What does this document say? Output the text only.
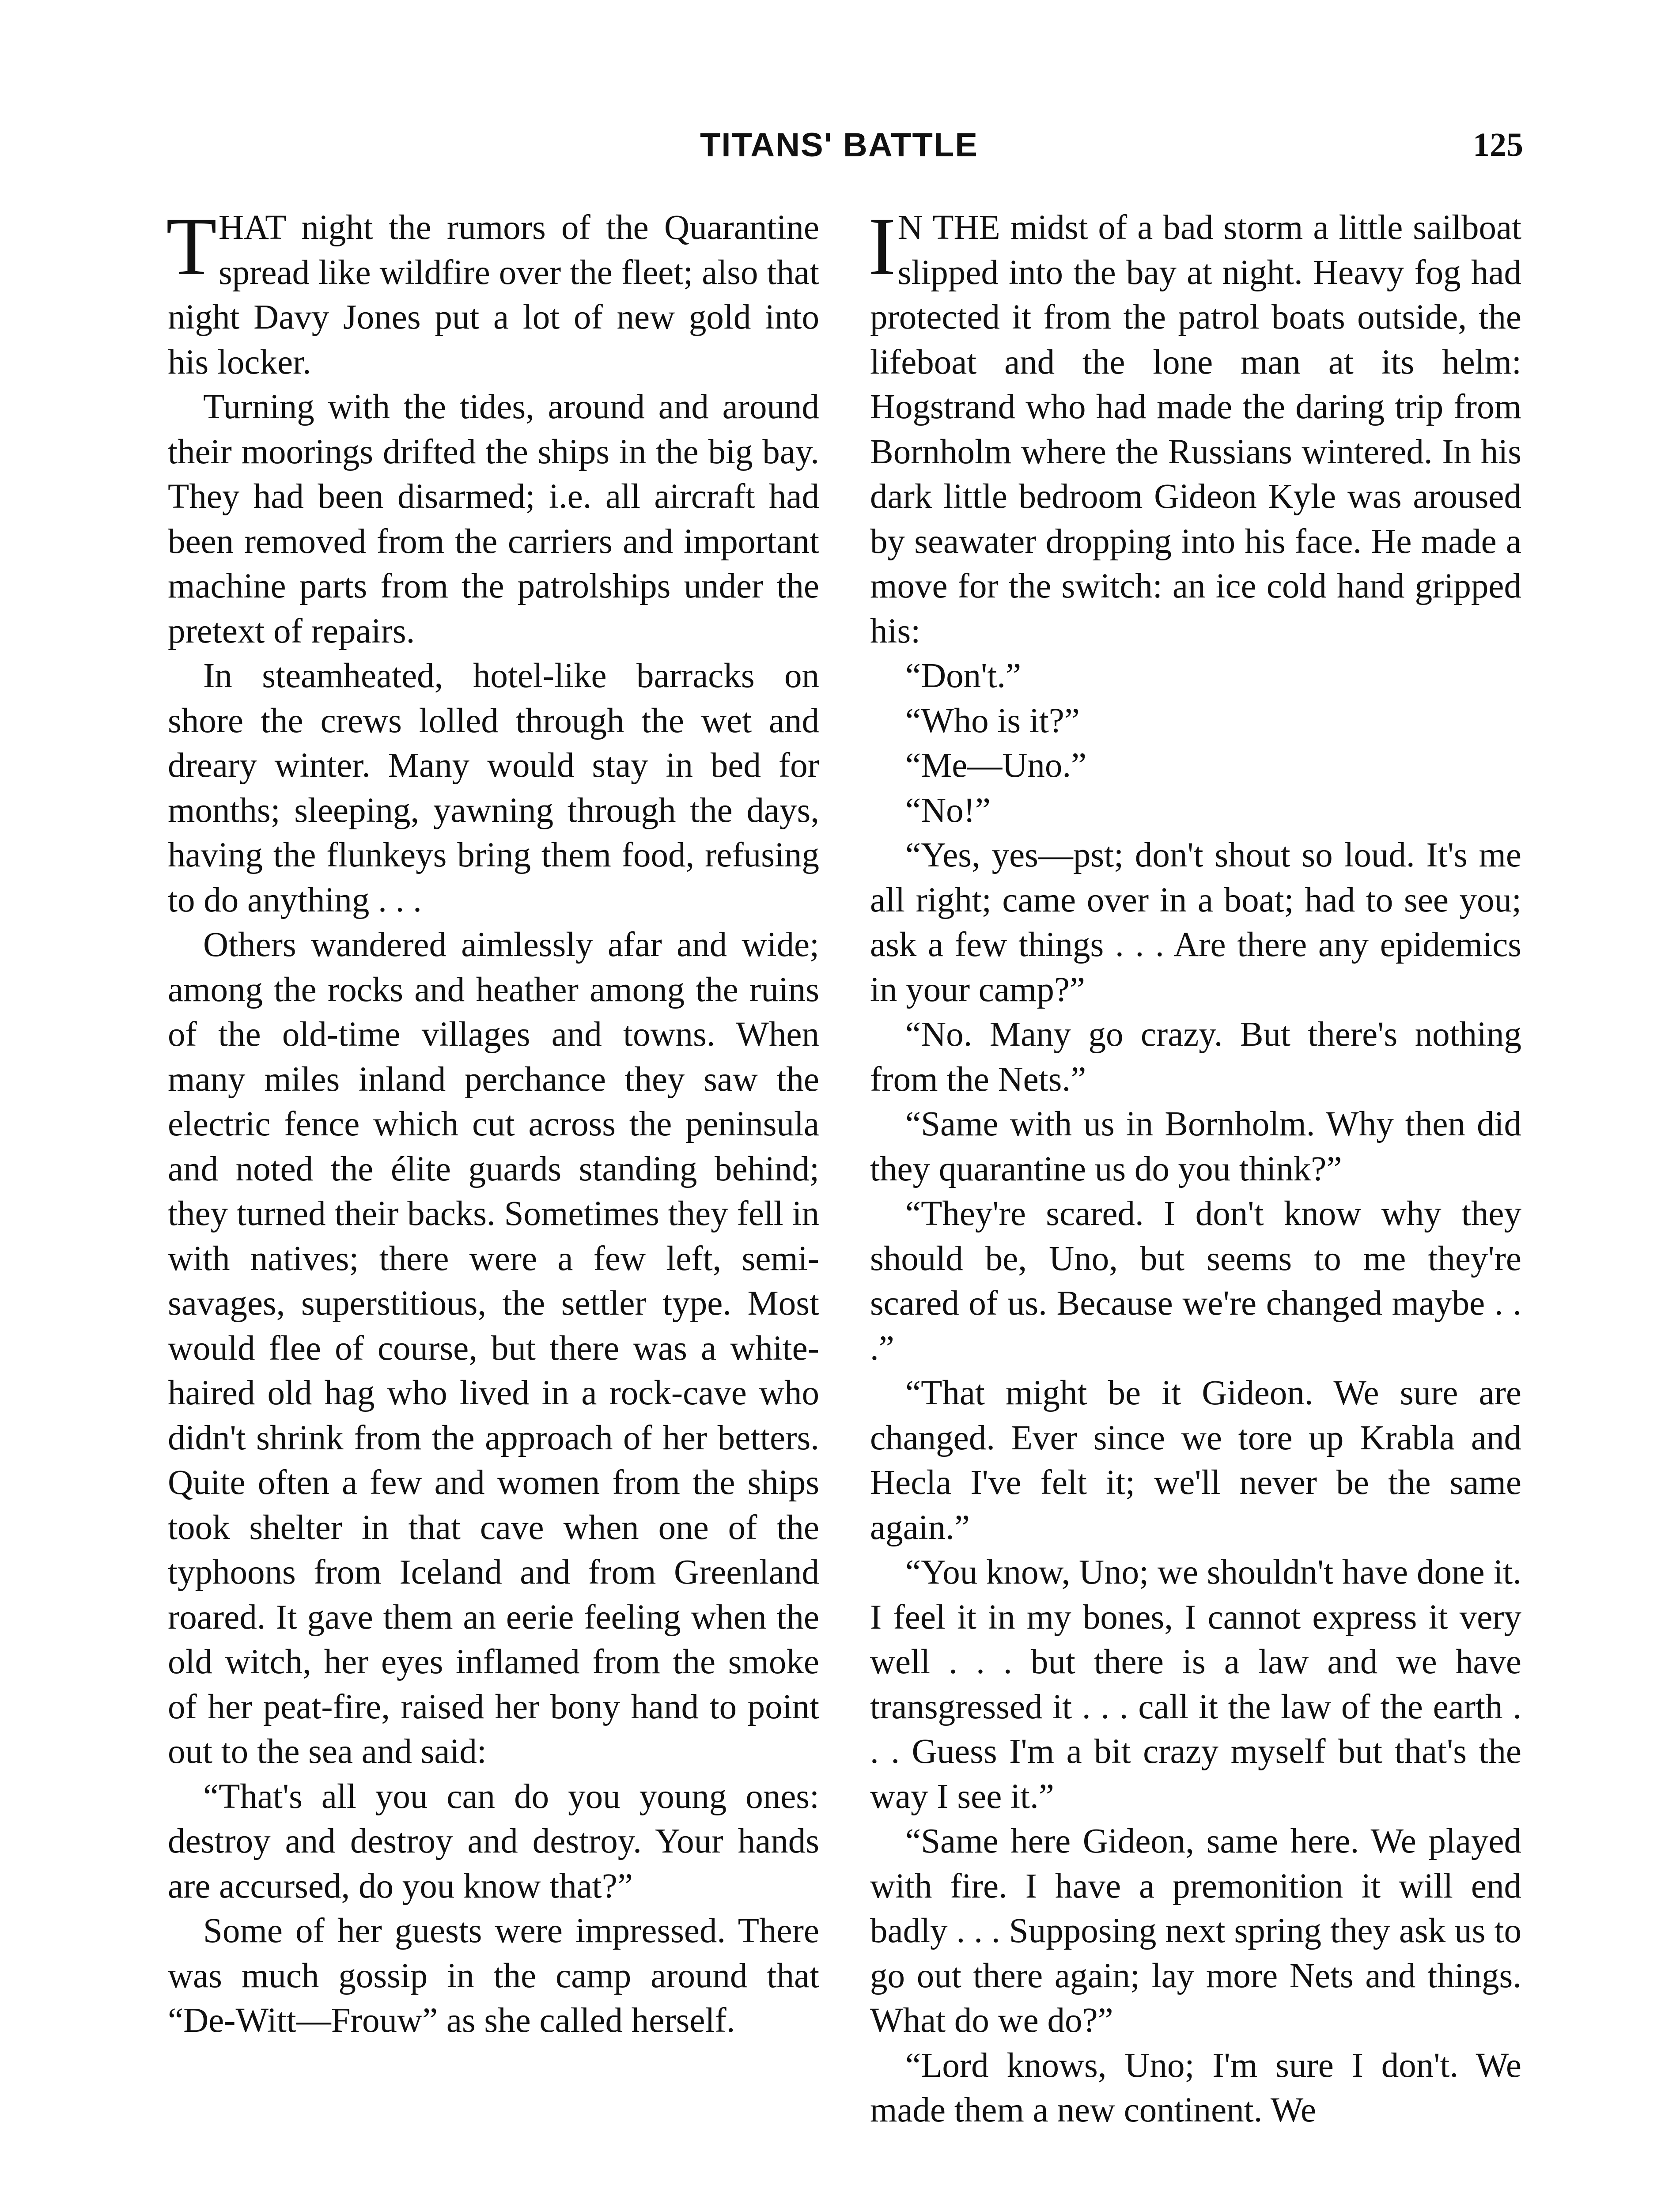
TITANS' BATTLE	125

THAT night the rumors of the Quarantine spread like wildfire over the fleet; also that night Davy Jones put a lot of new gold into his locker.

Turning with the tides, around and around their moorings drifted the ships in the big bay. They had been disarmed; i.e. all aircraft had been removed from the carriers and important machine parts from the patrolships under the pretext of repairs.

In steamheated, hotel-like barracks on shore the crews lolled through the wet and dreary winter. Many would stay in bed for months; sleeping, yawning through the days, having the flunkeys bring them food, refusing to do anything . . .

Others wandered aimlessly afar and wide; among the rocks and heather among the ruins of the old-time villages and towns. When many miles inland perchance they saw the electric fence which cut across the peninsula and noted the élite guards standing behind; they turned their backs. Sometimes they fell in with natives; there were a few left, semi-savages, superstitious, the settler type. Most would flee of course, but there was a white-haired old hag who lived in a rock-cave who didn't shrink from the approach of her betters. Quite often a few and women from the ships took shelter in that cave when one of the typhoons from Iceland and from Greenland roared. It gave them an eerie feeling when the old witch, her eyes inflamed from the smoke of her peat-fire, raised her bony hand to point out to the sea and said:

“That's all you can do you young ones: destroy and destroy and destroy. Your hands are accursed, do you know that?”

Some of her guests were impressed. There was much gossip in the camp around that “De-Witt—Frouw” as she called herself.

I N THE midst of a bad storm a little sailboat slipped into the bay at night. Heavy fog had protected it from the patrol boats outside, the lifeboat and the lone man at its helm: Hogstrand who had made the daring trip from Bornholm where the Russians wintered. In his dark little bedroom Gideon Kyle was aroused by seawater dropping into his face. He made a move for the switch: an ice cold hand gripped his:

“Don't.”

“Who is it?”

“Me—Uno.”

“No!”

“Yes, yes—pst; don't shout so loud. It's me all right; came over in a boat; had to see you; ask a few things . . . Are there any epidemics in your camp?”

“No. Many go crazy. But there's nothing from the Nets.”

“Same with us in Bornholm. Why then did they quarantine us do you think?”

“They're scared. I don't know why they should be, Uno, but seems to me they're scared of us. Because we're changed maybe . . .”

“That might be it Gideon. We sure are changed. Ever since we tore up Krabla and Hecla I've felt it; we'll never be the same again.”

“You know, Uno; we shouldn't have done it. I feel it in my bones, I cannot express it very well . . . but there is a law and we have transgressed it . . . call it the law of the earth . . . Guess I'm a bit crazy myself but that's the way I see it.”

“Same here Gideon, same here. We played with fire. I have a premonition it will end badly . . . Supposing next spring they ask us to go out there again; lay more Nets and things. What do we do?”

“Lord knows, Uno; I'm sure I don't. We made them a new continent. We
